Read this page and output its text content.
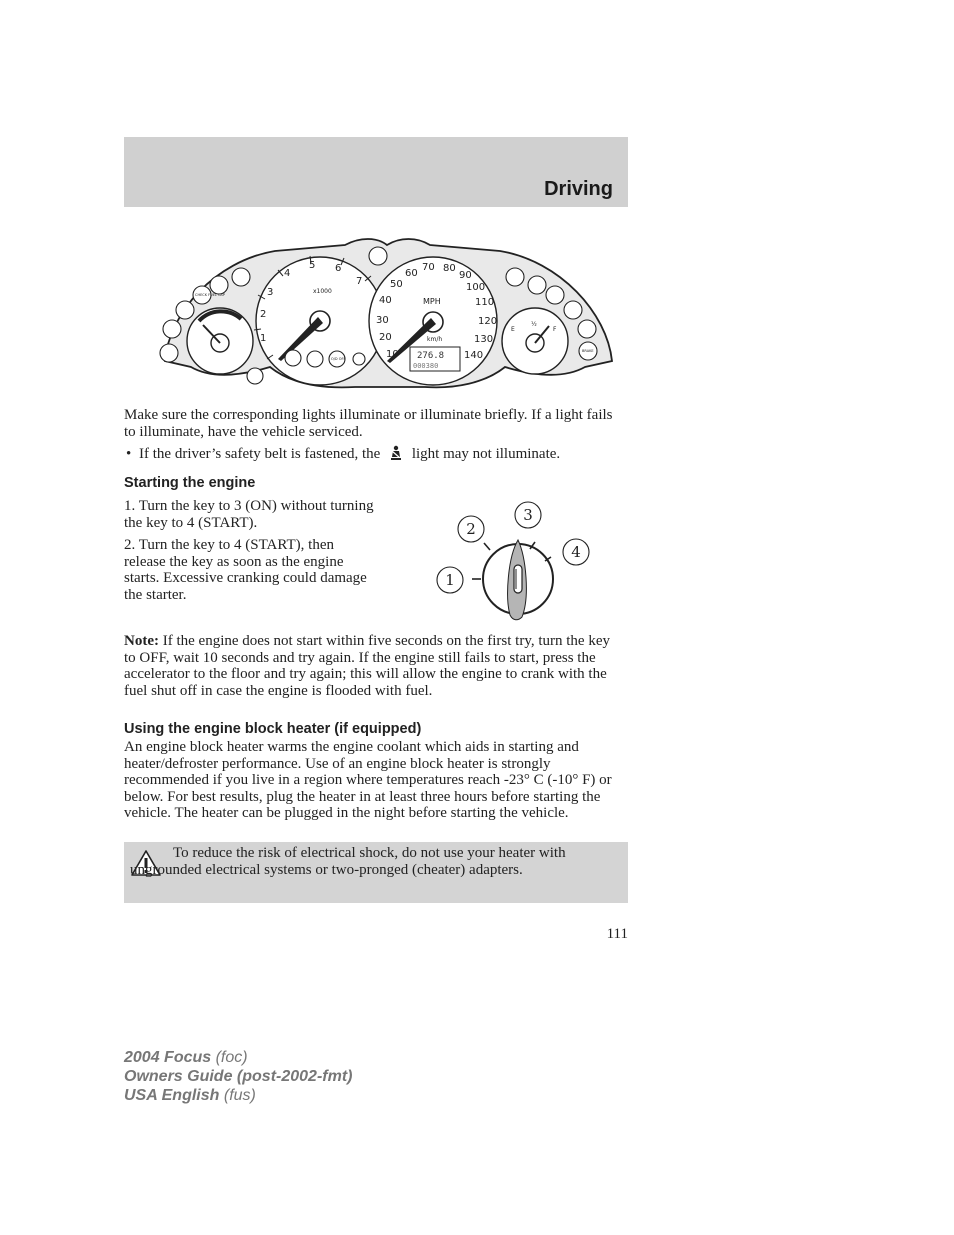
Driving
1
2
3
4
5 6
7
x1000
10
20
30
40
50
60
70 80
90
100
110
120
130
140
MPH
km/h
276.8
000380
E
½
F
CHECK FUEL CAP
O/D OFF
BRAKE
Make sure the corresponding lights illuminate or illuminate briefly. If a light fails to illuminate, have the vehicle serviced.
• If the driver’s safety belt is fastened, the light may not illuminate.
Starting the engine
1. Turn the key to 3 (ON) without turning the key to 4 (START).
2. Turn the key to 4 (START), then release the key as soon as the engine starts. Excessive cranking could damage the starter.
1
2
3
4
Note: If the engine does not start within five seconds on the first try, turn the key to OFF, wait 10 seconds and try again. If the engine still fails to start, press the accelerator to the floor and try again; this will allow the engine to crank with the fuel shut off in case the engine is flooded with fuel.
Using the engine block heater (if equipped)
An engine block heater warms the engine coolant which aids in starting and heater/defroster performance. Use of an engine block heater is strongly recommended if you live in a region where temperatures reach -23° C (-10° F) or below. For best results, plug the heater in at least three hours before starting the vehicle. The heater can be plugged in the night before starting the vehicle.
To reduce the risk of electrical shock, do not use your heater with ungrounded electrical systems or two-pronged (cheater) adapters.
111
2004 Focus (foc)
Owners Guide (post-2002-fmt)
USA English (fus)
